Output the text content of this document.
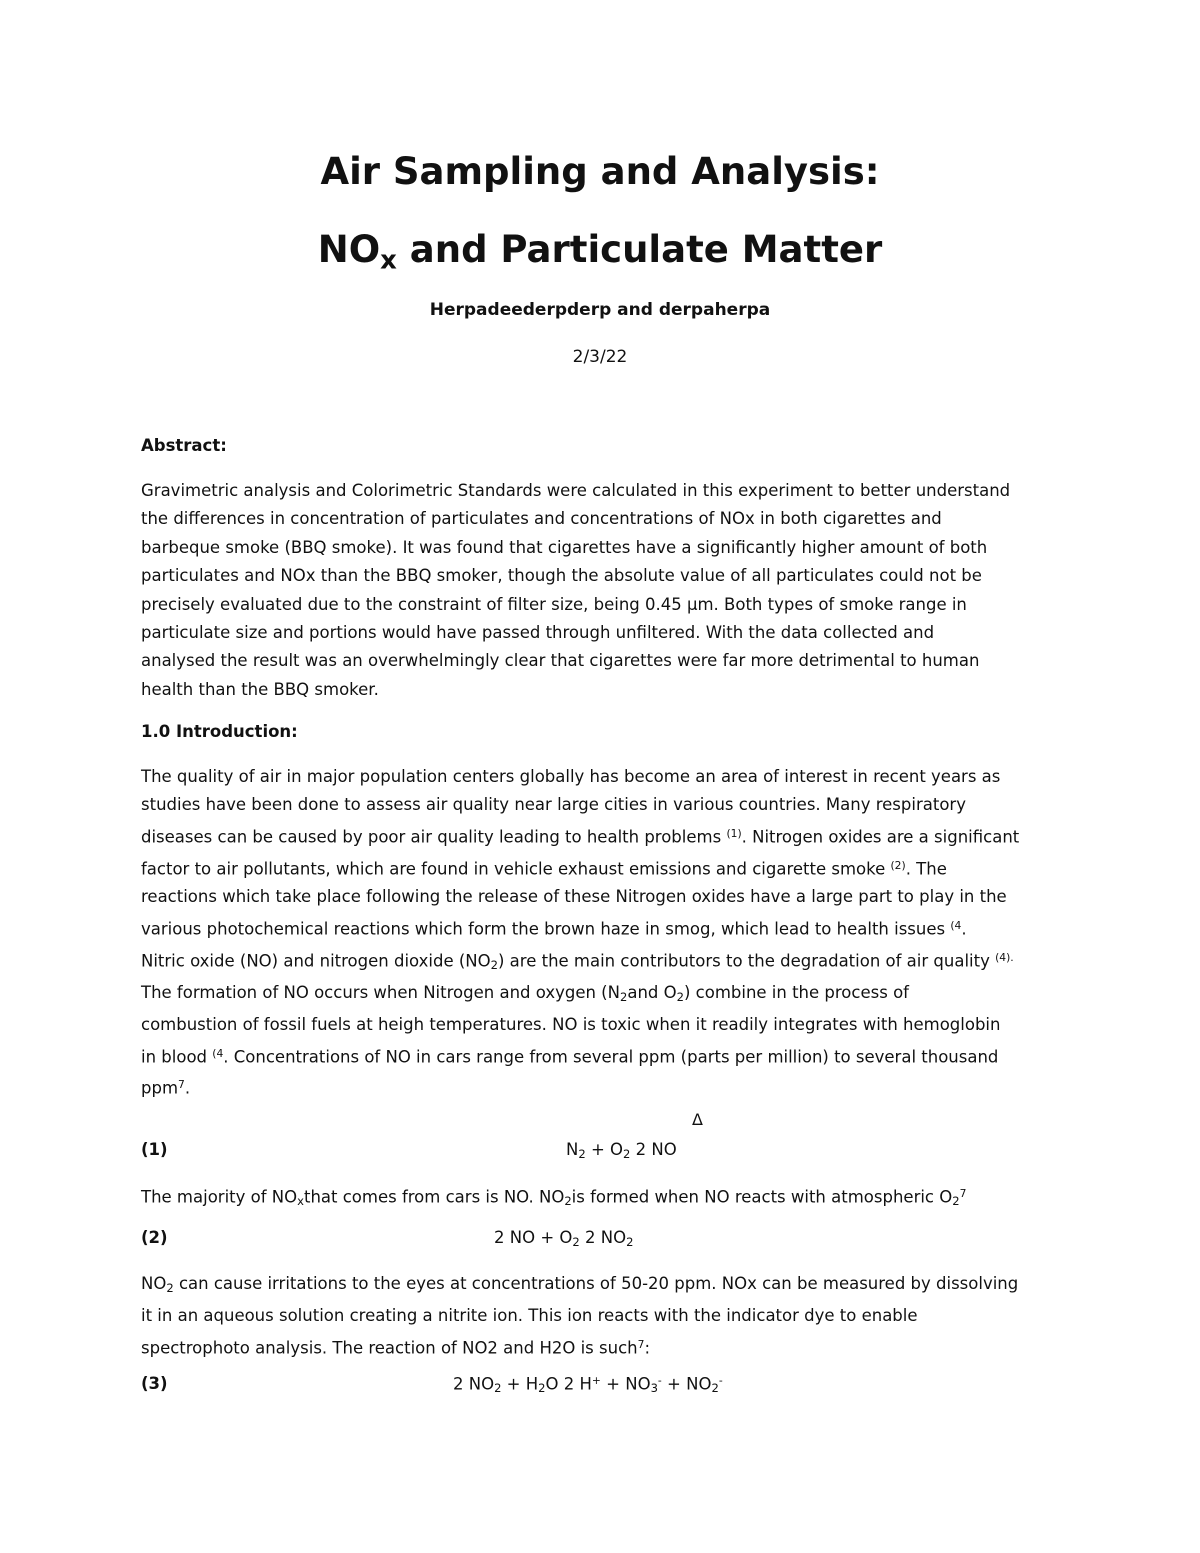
Air Sampling and Analysis:
$NO_x$ and Particulate Matter
Herpadeederpderp and derpaherpa
2/3/22
Abstract:
Gravimetric analysis and Colorimetric Standards were calculated in this experiment to better understand
the differences in concentration of particulates and concentrations of NOx in both cigarettes and
barbeque smoke (BBQ smoke). It was found that cigarettes have a significantly higher amount of both
particulates and NOx than the BBQ smoker, though the absolute value of all particulates could not be
precisely evaluated due to the constraint of filter size, being 0.45 μm. Both types of smoke range in
particulate size and portions would have passed through unfiltered. With the data collected and
analysed the result was an overwhelmingly clear that cigarettes were far more detrimental to human
health than the BBQ smoker.
1.0 Introduction:
The quality of air in major population centers globally has become an area of interest in recent years as
studies have been done to assess air quality near large cities in various countries. Many respiratory
diseases can be caused by poor air quality leading to health problems $^{(1)}$. Nitrogen oxides are a significant
factor to air pollutants, which are found in vehicle exhaust emissions and cigarette smoke $^{(2)}$. The
reactions which take place following the release of these Nitrogen oxides have a large part to play in the
various photochemical reactions which form the brown haze in smog, which lead to health issues $^{(4}$.
Nitric oxide (NO) and nitrogen dioxide $(NO_2)$ are the main contributors to the degradation of air quality $^{(4).}$
The formation of NO occurs when Nitrogen and oxygen ($N_2and$ $O_2$) combine in the process of
combustion of fossil fuels at heigh temperatures. NO is toxic when it readily integrates with hemoglobin
in blood $^{(4}$. Concentrations of NO in cars range from several ppm (parts per million) to several thousand
ppm$^7$.
Δ
(1)	$N_2 + O_2$ 2 NO
The majority of $NO_xthat$ comes from cars is NO. $NO_2is$ formed when NO reacts with atmospheric $O_2^7$
(2)	2 NO + $O_2$ 2 $NO_2$
$NO_2$ can cause irritations to the eyes at concentrations of 50-20 ppm. NOx can be measured by dissolving
it in an aqueous solution creating a nitrite ion. This ion reacts with the indicator dye to enable
spectrophoto analysis. The reaction of NO2 and H2O is such$^7$:
(3)	2 $NO_2 + H_2O$ 2 $H^+ + NO_3^- + NO_2^-$
